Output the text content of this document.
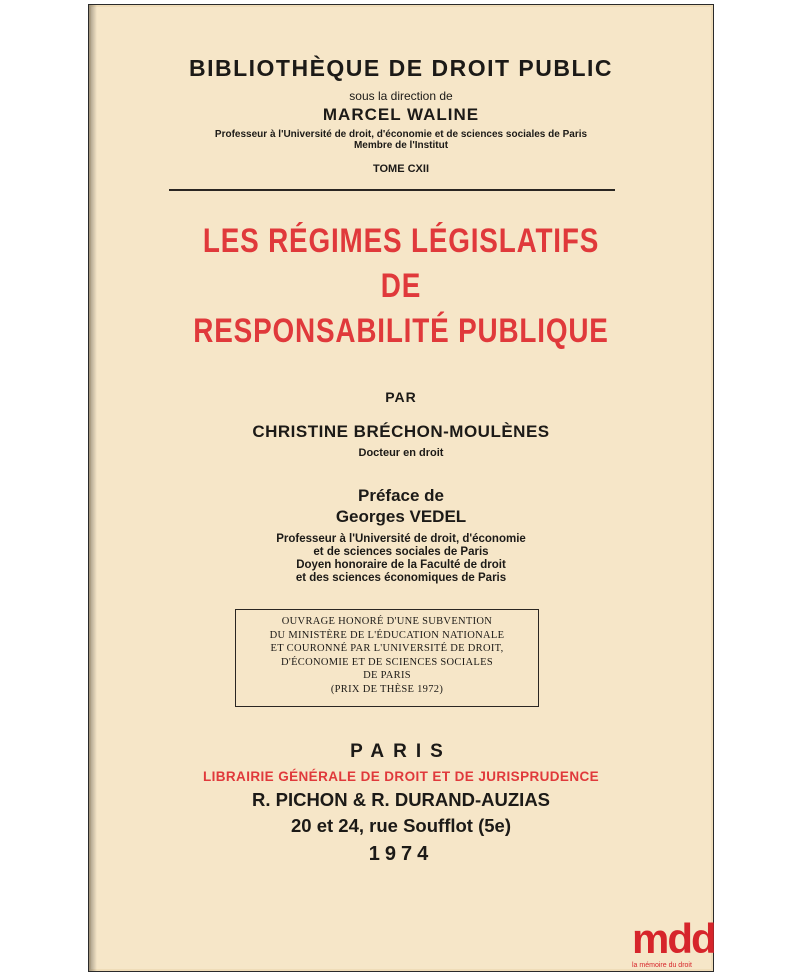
BIBLIOTHÈQUE DE DROIT PUBLIC
sous la direction de
MARCEL WALINE
Professeur à l'Université de droit, d'économie et de sciences sociales de Paris
Membre de l'Institut
TOME CXII
LES RÉGIMES LÉGISLATIFS
DE
RESPONSABILITÉ PUBLIQUE
PAR
CHRISTINE BRÉCHON-MOULÈNES
Docteur en droit
Préface de
Georges VEDEL
Professeur à l'Université de droit, d'économie
et de sciences sociales de Paris
Doyen honoraire de la Faculté de droit
et des sciences économiques de Paris
OUVRAGE HONORÉ D'UNE SUBVENTION
DU MINISTÈRE DE L'ÉDUCATION NATIONALE
ET COURONNÉ PAR L'UNIVERSITÉ DE DROIT,
D'ÉCONOMIE ET DE SCIENCES SOCIALES
DE PARIS
(PRIX DE THÈSE 1972)
PARIS
LIBRAIRIE GÉNÉRALE DE DROIT ET DE JURISPRUDENCE
R. PICHON & R. DURAND-AUZIAS
20 et 24, rue Soufflot (5e)
1974
mdd
la mémoire du droit
